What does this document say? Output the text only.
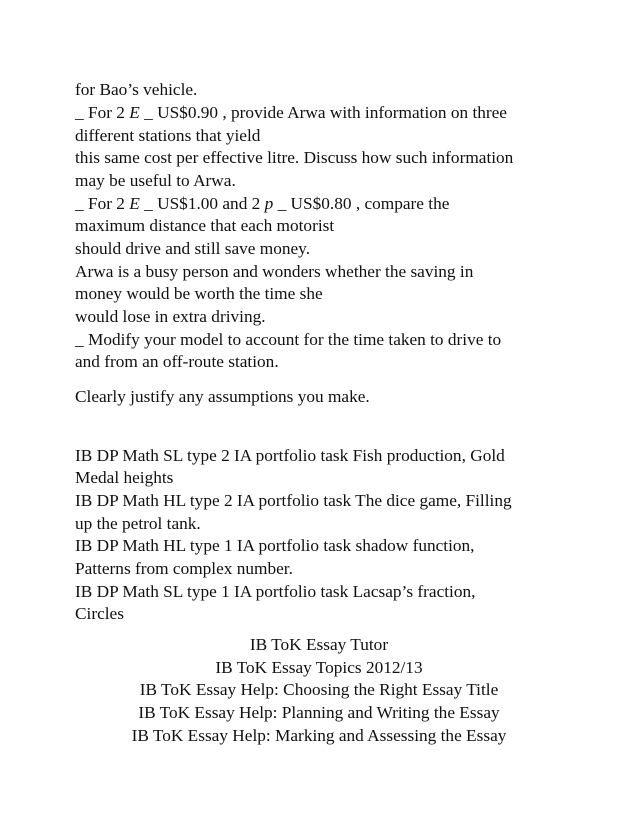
for Bao’s vehicle.
_ For 2 E _ US$0.90 , provide Arwa with information on three
different stations that yield
this same cost per effective litre. Discuss how such information
may be useful to Arwa.
_ For 2 E _ US$1.00 and 2 p _ US$0.80 , compare the
maximum distance that each motorist
should drive and still save money.
Arwa is a busy person and wonders whether the saving in
money would be worth the time she
would lose in extra driving.
_ Modify your model to account for the time taken to drive to
and from an off-route station.
Clearly justify any assumptions you make.
IB DP Math SL type 2 IA portfolio task Fish production, Gold
Medal heights
IB DP Math HL type 2 IA portfolio task The dice game, Filling
up the petrol tank.
IB DP Math HL type 1 IA portfolio task shadow function,
Patterns from complex number.
IB DP Math SL type 1 IA portfolio task Lacsap’s fraction,
Circles
IB ToK Essay Tutor
IB ToK Essay Topics 2012/13
IB ToK Essay Help: Choosing the Right Essay Title
IB ToK Essay Help: Planning and Writing the Essay
IB ToK Essay Help: Marking and Assessing the Essay
